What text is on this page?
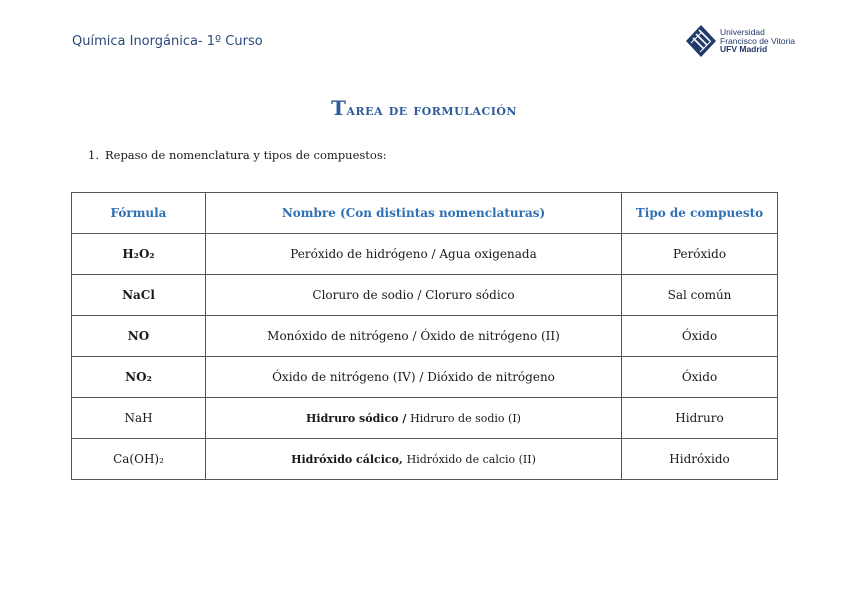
Química Inorgánica- 1º Curso
Universidad
Francisco de Vitoria
UFV Madrid
Tarea de formulación
1. Repaso de nomenclatura y tipos de compuestos:
Fórmula	Nombre (Con distintas nomenclaturas)	Tipo de compuesto
H₂O₂	Peróxido de hidrógeno / Agua oxigenada	Peróxido
NaCl	Cloruro de sodio / Cloruro sódico	Sal común
NO	Monóxido de nitrógeno / Óxido de nitrógeno (II)	Óxido
NO₂	Óxido de nitrógeno (IV) / Dióxido de nitrógeno	Óxido
NaH	Hidruro sódico / Hidruro de sodio (I)	Hidruro
Ca(OH)₂	Hidróxido cálcico, Hidróxido de calcio (II)	Hidróxido
